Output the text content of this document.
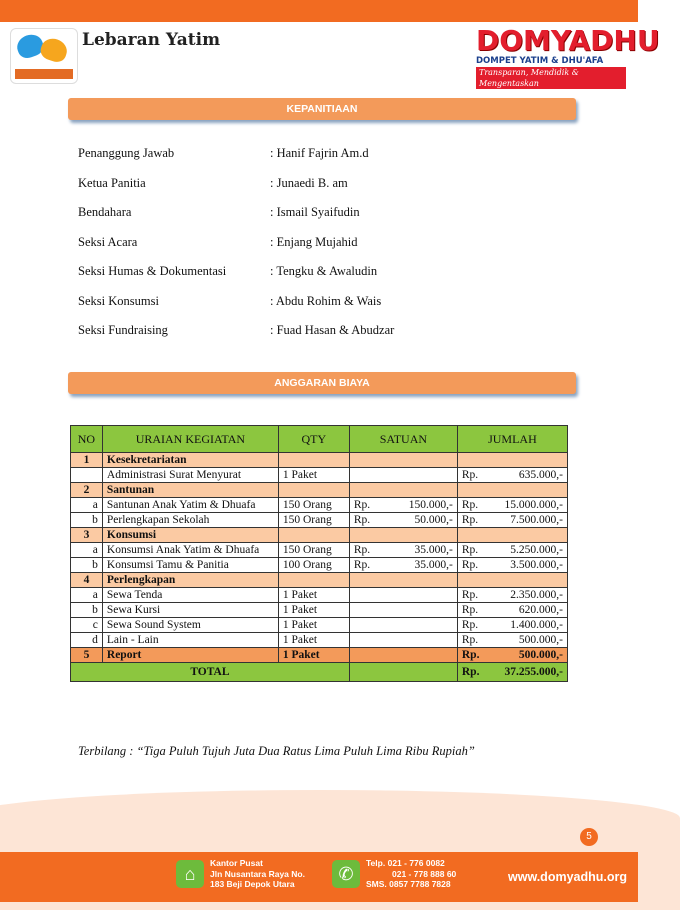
Lebaran Yatim	DOMYADHU
DOMPET YATIM & DHU'AFA
Transparan, Mendidik & Mengentaskan
KEPANITIAAN
Penanggung Jawab	: Hanif Fajrin Am.d
Ketua Panitia	: Junaedi B. am
Bendahara	: Ismail Syaifudin
Seksi Acara	: Enjang Mujahid
Seksi Humas & Dokumentasi	: Tengku & Awaludin
Seksi Konsumsi	: Abdu Rohim & Wais
Seksi Fundraising	: Fuad Hasan & Abudzar
ANGGARAN BIAYA
NO	URAIAN KEGIATAN	QTY	SATUAN	JUMLAH
1	Kesekretariatan			
	Administrasi Surat Menyurat	1 Paket		Rp. 635.000,-

2	Santunan			
a	Santunan Anak Yatim & Dhuafa	150 Orang	Rp. 150.000,-	Rp. 15.000.000,-

b	Perlengkapan Sekolah	150 Orang	Rp. 50.000,-	Rp. 7.500.000,-

3	Konsumsi			
a	Konsumsi Anak Yatim & Dhuafa	150 Orang	Rp. 35.000,-	Rp. 5.250.000,-

b	Konsumsi Tamu & Panitia	100 Orang	Rp. 35.000,-	Rp. 3.500.000,-

4	Perlengkapan			
a	Sewa Tenda	1 Paket		Rp. 2.350.000,-

b	Sewa Kursi	1 Paket		Rp. 620.000,-

c	Sewa Sound System	1 Paket		Rp. 1.400.000,-

d	Lain - Lain	1 Paket		Rp. 500.000,-

5	Report	1 Paket		Rp. 500.000,-

TOTAL				Rp. 37.255.000,-
Terbilang : “Tiga Puluh Tujuh Juta Dua Ratus Lima Puluh Lima Ribu Rupiah”
5
⌂
Kantor Pusat
Jln Nusantara Raya No.
183 Beji Depok Utara	✆
Telp. 021 - 776 0082
021 - 778 888 60
SMS. 0857 7788 7828	www.domyadhu.org
